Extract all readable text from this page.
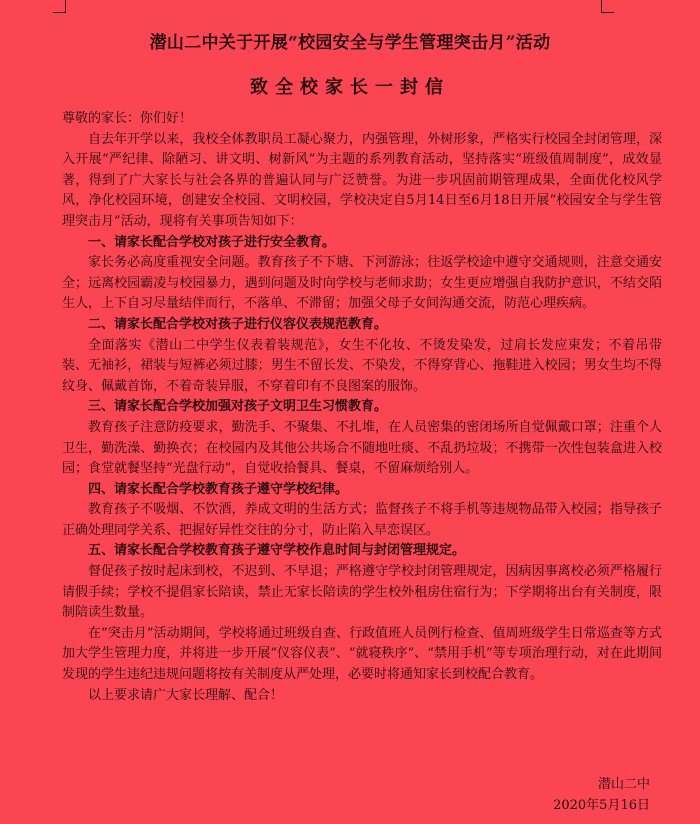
潜山二中关于开展“校园安全与学生管理突击月”活动
致全校家长一封信

尊敬的家长：你们好！

自去年开学以来，我校全体教职员工凝心聚力，内强管理，外树形象，严格实行校园全封闭管理，深入开展“严纪律、除陋习、讲文明、树新风”为主题的系列教育活动，坚持落实“班级值周制度”，成效显著，得到了广大家长与社会各界的普遍认同与广泛赞誉。为进一步巩固前期管理成果，全面优化校风学风，净化校园环境，创建安全校园、文明校园，学校决定自5月14日至6月18日开展“校园安全与学生管理突击月”活动，现将有关事项告知如下：

一、请家长配合学校对孩子进行安全教育。

家长务必高度重视安全问题。教育孩子不下塘、下河游泳；往返学校途中遵守交通规则，注意交通安全；远离校园霸凌与校园暴力，遇到问题及时向学校与老师求助；女生更应增强自我防护意识，不结交陌生人，上下自习尽量结伴而行，不落单、不滞留；加强父母子女间沟通交流，防范心理疾病。

二、请家长配合学校对孩子进行仪容仪表规范教育。

全面落实《潜山二中学生仪表着装规范》，女生不化妆、不烫发染发，过肩长发应束发；不着吊带装、无袖衫，裙装与短裤必须过膝；男生不留长发、不染发，不得穿背心、拖鞋进入校园；男女生均不得纹身、佩戴首饰，不着奇装异服，不穿着印有不良图案的服饰。

三、请家长配合学校加强对孩子文明卫生习惯教育。

教育孩子注意防疫要求，勤洗手、不聚集、不扎堆，在人员密集的密闭场所自觉佩戴口罩；注重个人卫生，勤洗澡、勤换衣；在校园内及其他公共场合不随地吐痰、不乱扔垃圾；不携带一次性包装盒进入校园；食堂就餐坚持“光盘行动”，自觉收拾餐具、餐桌，不留麻烦给别人。

四、请家长配合学校教育孩子遵守学校纪律。

教育孩子不吸烟、不饮酒，养成文明的生活方式；监督孩子不将手机等违规物品带入校园；指导孩子正确处理同学关系、把握好异性交往的分寸，防止陷入早恋误区。

五、请家长配合学校教育孩子遵守学校作息时间与封闭管理规定。

督促孩子按时起床到校，不迟到、不早退；严格遵守学校封闭管理规定，因病因事离校必须严格履行请假手续；学校不提倡家长陪读，禁止无家长陪读的学生校外租房住宿行为；下学期将出台有关制度，限制陪读生数量。

在“突击月”活动期间，学校将通过班级自查、行政值班人员例行检查、值周班级学生日常巡查等方式加大学生管理力度，并将进一步开展“仪容仪表”、“就寝秩序”、“禁用手机”等专项治理行动，对在此期间发现的学生违纪违规问题将按有关制度从严处理，必要时将通知家长到校配合教育。

以上要求请广大家长理解、配合！

潜山二中
2020年5月16日
